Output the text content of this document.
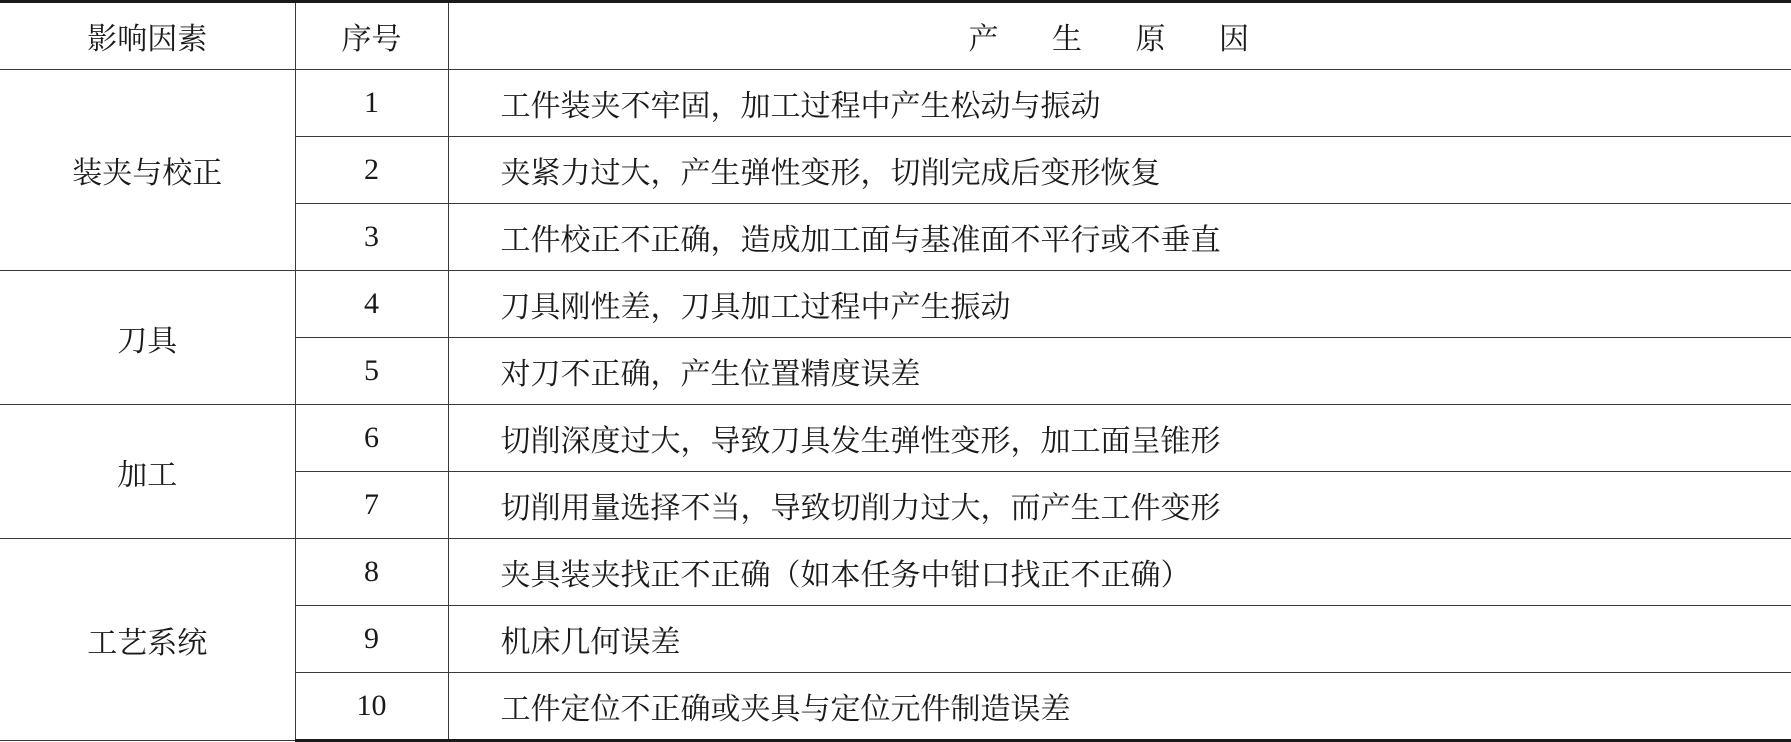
影响因素	序号	产 生 原 因
装夹与校正	1	工件装夹不牢固，加工过程中产生松动与振动
	2	夹紧力过大，产生弹性变形，切削完成后变形恢复
	3	工件校正不正确，造成加工面与基准面不平行或不垂直
刀具	4	刀具刚性差，刀具加工过程中产生振动
	5	对刀不正确，产生位置精度误差
加工	6	切削深度过大，导致刀具发生弹性变形，加工面呈锥形
	7	切削用量选择不当，导致切削力过大，而产生工件变形
工艺系统	8	夹具装夹找正不正确（如本任务中钳口找正不正确）
	9	机床几何误差
	10	工件定位不正确或夹具与定位元件制造误差
